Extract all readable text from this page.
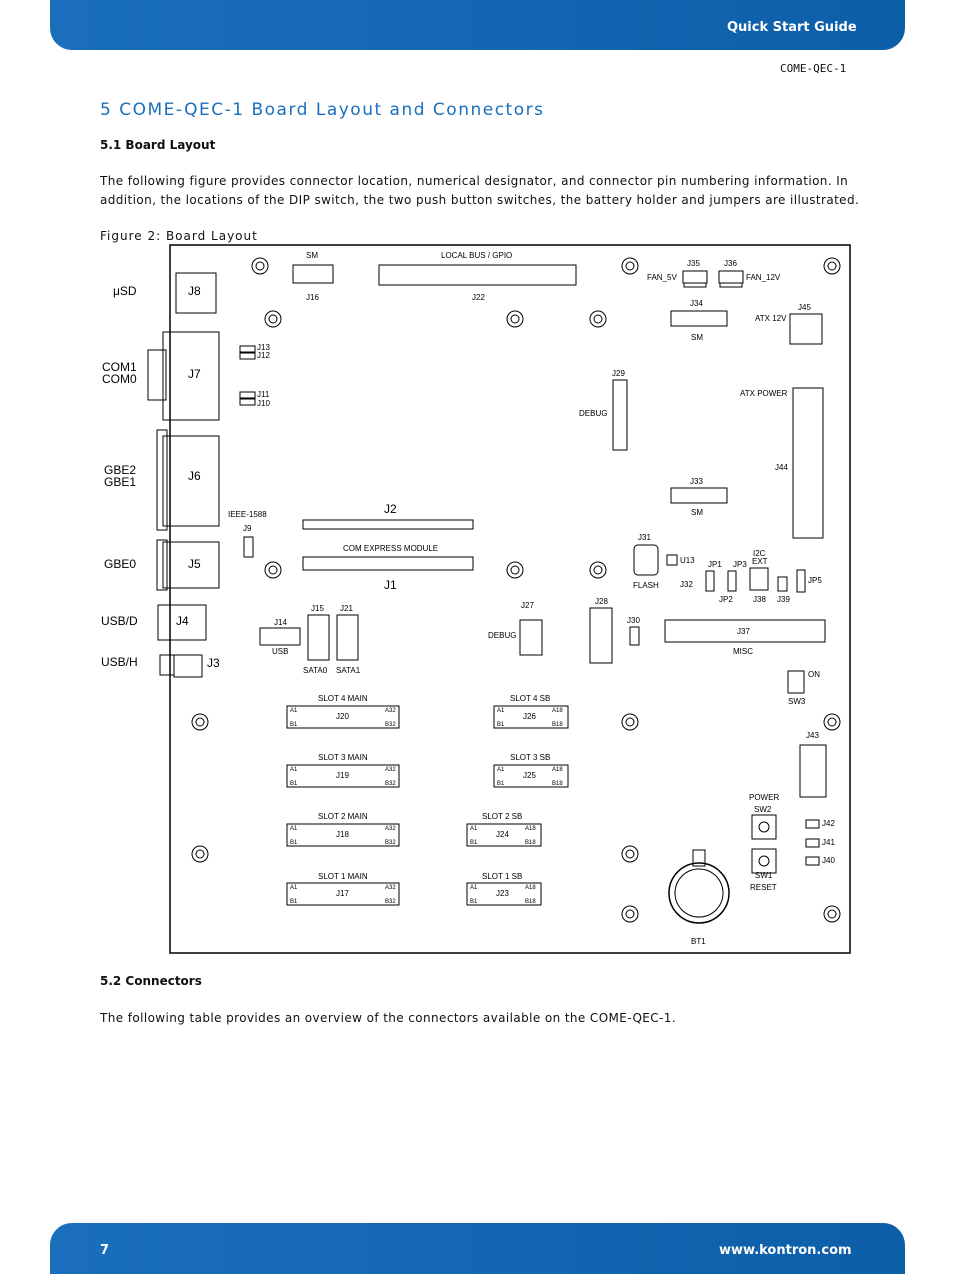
Quick Start Guide
COME-QEC-1
5 COME-QEC-1 Board Layout and Connectors
5.1 Board Layout
The following figure provides connector location, numerical designator, and connector pin numbering information. In addition, the locations of the DIP switch, the two push button switches, the battery holder and jumpers are illustrated.
Figure 2: Board Layout
μSD
COM1
COM0
GBE2
GBE1
GBE0
USB/D
USB/H
J8
J7
J6
J5
J4
J3
J2
J1
SM
J16
LOCAL BUS / GPIO
J22
J35	J36
FAN_5V	FAN_12V
J34	J45
ATX 12V
SM
J13
J12
J11
J10
J29
DEBUG
ATX POWER
J44
J33
SM
IEEE-1588
J9
COM EXPRESS MODULE
J31
U13
FLASH	J32
JP1 JP3
I2C
EXT
JP2	J38 J39
JP5
J14
USB
J15 J21
SATA0 SATA1
J27
DEBUG
J28
J30
J37
MISC
ON
SW3
J43
POWER
SW2
SW1
RESET
J42
J41
J40
BT1
SLOT 4 MAIN
J20
SLOT 4 SB
J26
SLOT 3 MAIN
J19
SLOT 3 SB
J25
SLOT 2 MAIN
J18
SLOT 2 SB
J24
SLOT 1 MAIN
J17
SLOT 1 SB
J23
A1
B1
A32
B32
A1
B1
A18
B18
A1
B1
A32
B32
A1
B1
A18
B18
A1
B1
A32
B32
A1
B1
A18
B18
A1
B1
A32
B32
A1
B1
A18
B18
5.2 Connectors
The following table provides an overview of the connectors available on the COME-QEC-1.
7	www.kontron.com
